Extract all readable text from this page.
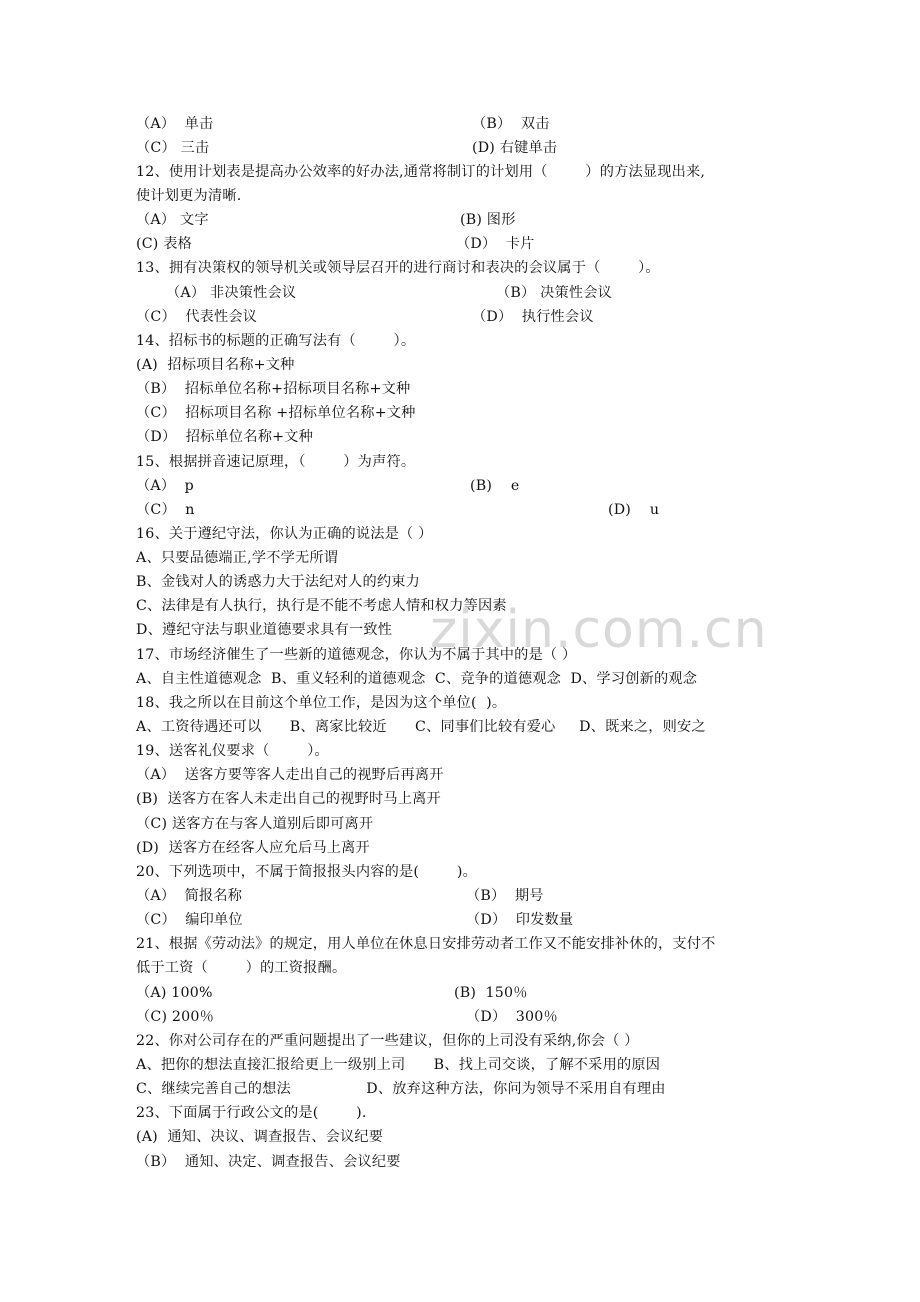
zixin.com.cn
（A）  单击	（B）  双击
（C） 三击	(D) 右键单击
12、使用计划表是提高办公效率的好办法,通常将制订的计划用（        ）的方法显现出来,
使计划更为清晰.
（A） 文字	(B) 图形
(C) 表格	（D）  卡片
13、拥有决策权的领导机关或领导层召开的进行商讨和表决的会议属于（        ）。
（A） 非决策性会议	（B） 决策性会议
（C）  代表性会议	（D）  执行性会议
14、招标书的标题的正确写法有（        ）。
(A)  招标项目名称+文种
（B）  招标单位名称+招标项目名称+文种
（C）  招标项目名称 +招标单位名称+文种
（D）  招标单位名称+文种
15、根据拼音速记原理，（        ）为声符。
（A）  p	(B)    e
（C）  n	(D)    u
16、关于遵纪守法，你认为正确的说法是（ ）
A、只要品德端正,学不学无所谓
B、金钱对人的诱惑力大于法纪对人的约束力
C、法律是有人执行，执行是不能不考虑人情和权力等因素
D、遵纪守法与职业道德要求具有一致性
17、市场经济催生了一些新的道德观念，你认为不属于其中的是（ ）
A、自主性道德观念  B、重义轻利的道德观念  C、竞争的道德观念  D、学习创新的观念
18、我之所以在目前这个单位工作，是因为这个单位(  )。
A、工资待遇还可以      B、离家比较近      C、同事们比较有爱心     D、既来之，则安之
19、送客礼仪要求（        ）。
（A）  送客方要等客人走出自己的视野后再离开
(B)  送客方在客人未走出自己的视野时马上离开
（C) 送客方在与客人道别后即可离开
(D)  送客方在经客人应允后马上离开
20、下列选项中，不属于简报报头内容的是(        )。
（A）  简报名称	（B）  期号
（C）  编印单位	（D）  印发数量
21、根据《劳动法》的规定，用人单位在休息日安排劳动者工作又不能安排补休的，支付不
低于工资（        ）的工资报酬。
（A) 100%	(B)  150％
（C) 200％	（D）  300％
22、你对公司存在的严重问题提出了一些建议，但你的上司没有采纳,你会（ ）
A、把你的想法直接汇报给更上一级别上司      B、找上司交谈，了解不采用的原因
C、继续完善自己的想法                D、放弃这种方法，你问为领导不采用自有理由
23、下面属于行政公文的是(        ).
(A)  通知、决议、调查报告、会议纪要
（B）  通知、决定、调查报告、会议纪要
